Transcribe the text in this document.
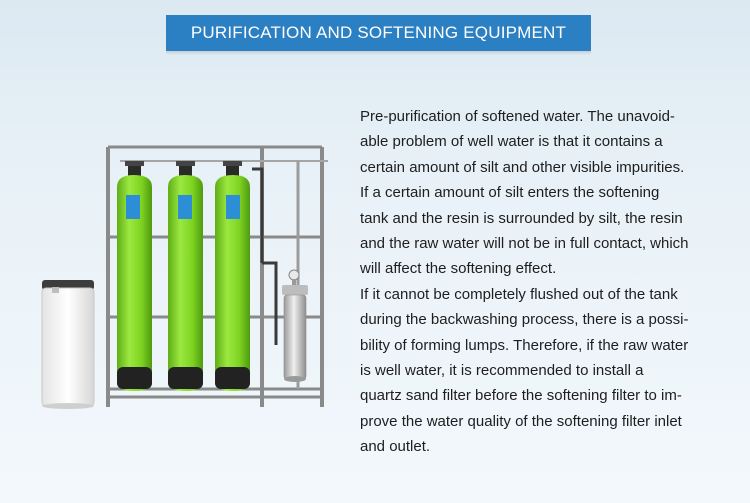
PURIFICATION AND SOFTENING EQUIPMENT

Pre-purification of softened water. The unavoid-

able problem of well water is that it contains a

certain amount of silt and other visible impurities.

If a certain amount of silt enters the softening

tank and the resin is surrounded by silt, the resin

and the raw water will not be in full contact, which

will affect the softening effect.

If it cannot be completely flushed out of the tank

during the backwashing process, there is a possi-

bility of forming lumps. Therefore, if the raw water

is well water, it is recommended to install a

quartz sand filter before the softening filter to im-

prove the water quality of the softening filter inlet

and outlet.
